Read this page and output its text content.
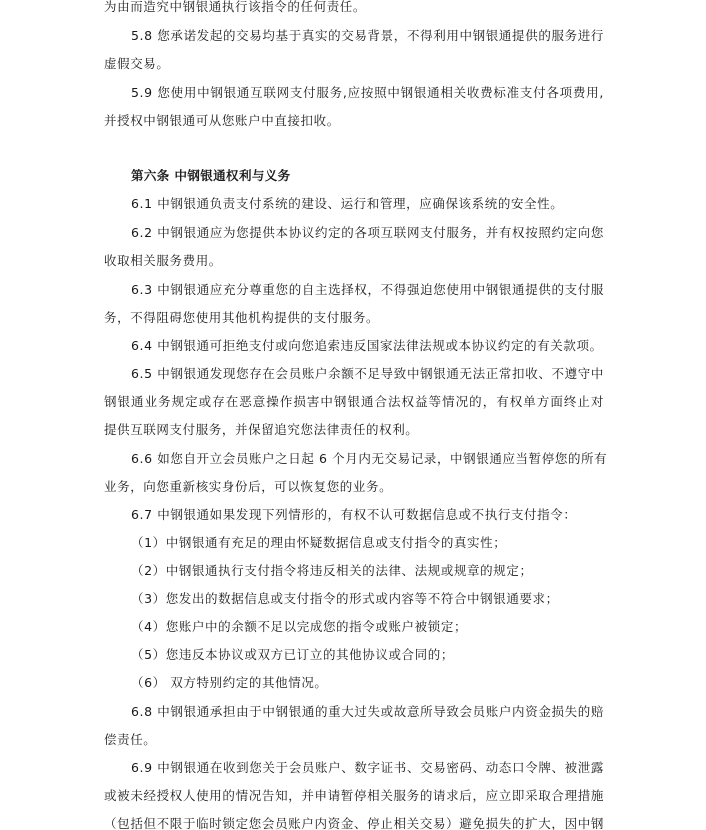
为由而造究中钢银通执行该指令的任何责任。
5.8 您承诺发起的交易均基于真实的交易背景，不得利用中钢银通提供的服务进行
虚假交易。
5.9 您使用中钢银通互联网支付服务,应按照中钢银通相关收费标准支付各项费用,
并授权中钢银通可从您账户中直接扣收。
第六条 中钢银通权利与义务
6.1 中钢银通负责支付系统的建设、运行和管理，应确保该系统的安全性。
6.2 中钢银通应为您提供本协议约定的各项互联网支付服务，并有权按照约定向您
收取相关服务费用。
6.3 中钢银通应充分尊重您的自主选择权，不得强迫您使用中钢银通提供的支付服
务，不得阻碍您使用其他机构提供的支付服务。
6.4 中钢银通可拒绝支付或向您追索违反国家法律法规或本协议约定的有关款项。
6.5 中钢银通发现您存在会员账户余额不足导致中钢银通无法正常扣收、不遵守中
钢银通业务规定或存在恶意操作损害中钢银通合法权益等情况的，有权单方面终止对
提供互联网支付服务，并保留追究您法律责任的权利。
6.6 如您自开立会员账户之日起 6 个月内无交易记录，中钢银通应当暂停您的所有
业务，向您重新核实身份后，可以恢复您的业务。
6.7 中钢银通如果发现下列情形的，有权不认可数据信息或不执行支付指令：
（1）中钢银通有充足的理由怀疑数据信息或支付指令的真实性；
（2）中钢银通执行支付指令将违反相关的法律、法规或规章的规定；
（3）您发出的数据信息或支付指令的形式或内容等不符合中钢银通要求；
（4）您账户中的余额不足以完成您的指令或账户被锁定；
（5）您违反本协议或双方已订立的其他协议或合同的；
（6） 双方特别约定的其他情况。
6.8 中钢银通承担由于中钢银通的重大过失或故意所导致会员账户内资金损失的赔
偿责任。
6.9 中钢银通在收到您关于会员账户、数字证书、交易密码、动态口令牌、被泄露
或被未经授权人使用的情况告知，并申请暂停相关服务的请求后，应立即采取合理措施
（包括但不限于临时锁定您会员账户内资金、停止相关交易）避免损失的扩大，因中钢
